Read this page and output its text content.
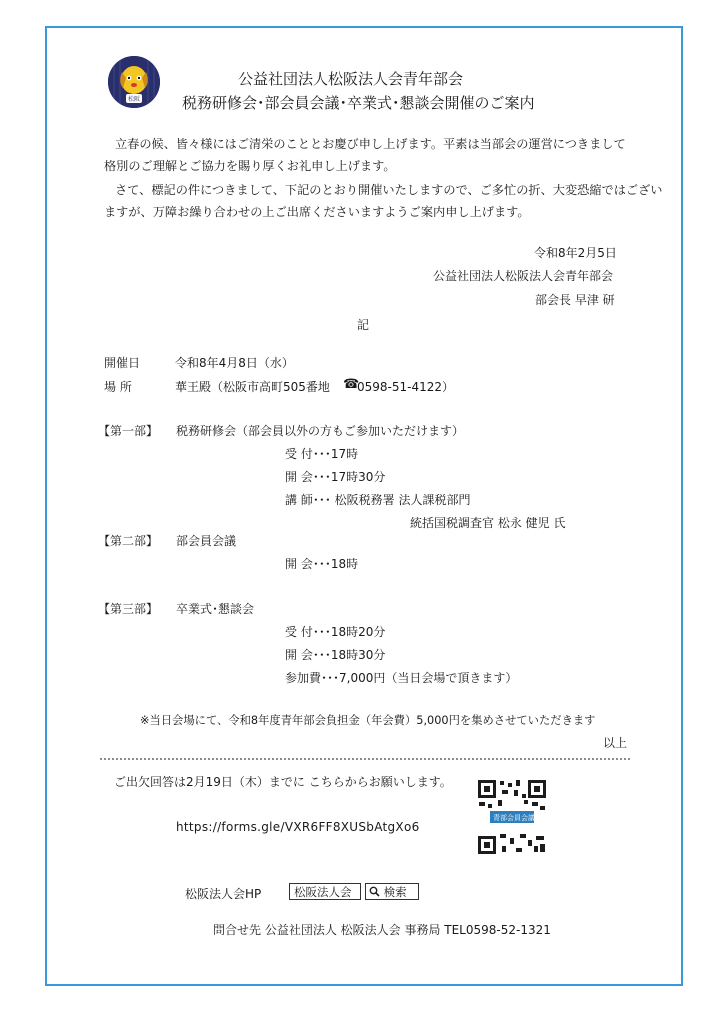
松阪
公益社団法人松阪法人会青年部会
税務研修会･部会員会議･卒業式･懇談会開催のご案内
立春の候、皆々様にはご清栄のこととお慶び申し上げます。平素は当部会の運営につきまして
格別のご理解とご協力を賜り厚くお礼申し上げます。
さて、標記の件につきまして、下記のとおり開催いたしますので、ご多忙の折、大変恐縮ではござい
ますが、万障お繰り合わせの上ご出席くださいますようご案内申し上げます。
令和8年2月5日
公益社団法人松阪法人会青年部会
部会長 早津 研
記
開催日	令和8年4月8日（水）
場 所	華王殿（松阪市高町505番地 ☎
0598-51-4122）
【第一部】 税務研修会（部会員以外の方もご参加いただけます）
受 付･･･17時
開 会･･･17時30分
講 師･･･ 松阪税務署 法人課税部門
統括国税調査官 松永 健児 氏
【第二部】 部会員会議
開 会･･･18時
【第三部】 卒業式･懇談会
受 付･･･18時20分
開 会･･･18時30分
参加費･･･7,000円（当日会場で頂きます）
※当日会場にて、令和8年度青年部会負担金（年会費）5,000円を集めさせていただきます
以上
ご出欠回答は2月19日（木）までに こちらからお願いします。
https://forms.gle/VXR6FF8XUSbAtgXo6
青部会員会議
松阪法人会HP	松阪法人会	検索
問合せ先 公益社団法人 松阪法人会 事務局 TEL0598-52-1321
